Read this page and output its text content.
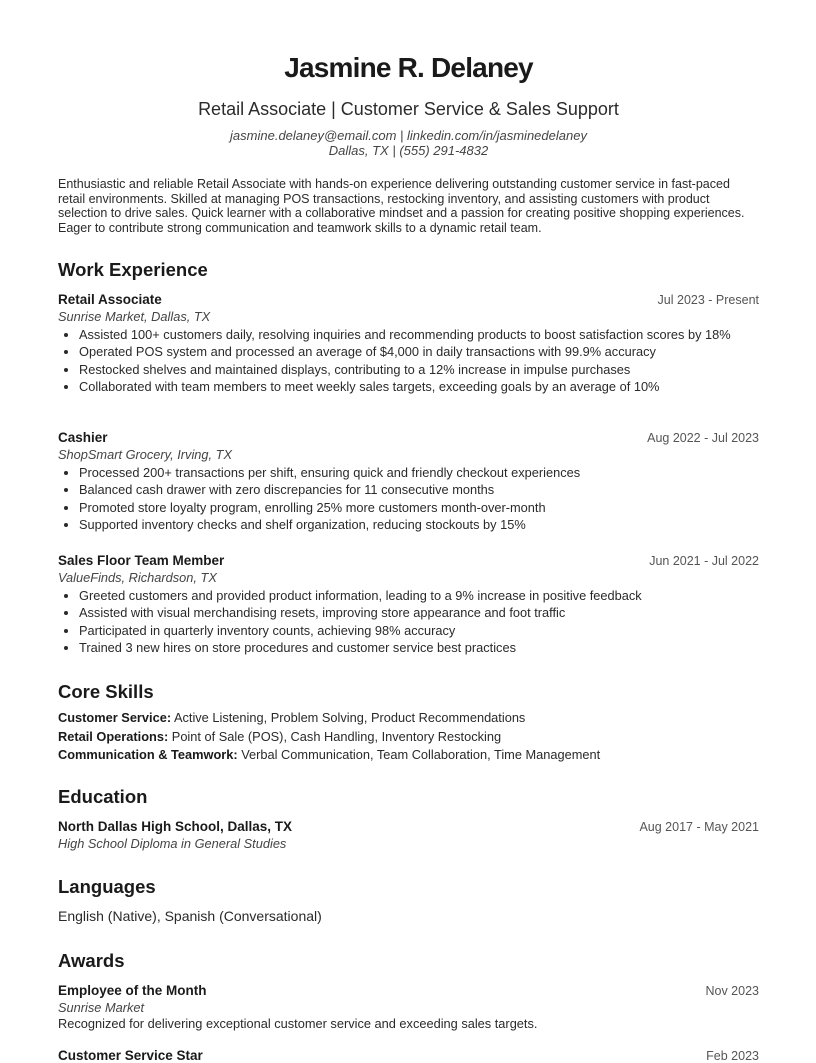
Jasmine R. Delaney
Retail Associate | Customer Service & Sales Support
jasmine.delaney@email.com | linkedin.com/in/jasminedelaney
Dallas, TX | (555) 291-4832

Enthusiastic and reliable Retail Associate with hands-on experience delivering outstanding customer service in fast-paced retail environments. Skilled at managing POS transactions, restocking inventory, and assisting customers with product selection to drive sales. Quick learner with a collaborative mindset and a passion for creating positive shopping experiences. Eager to contribute strong communication and teamwork skills to a dynamic retail team.

Work Experience
Retail Associate	Jul 2023 - Present
Sunrise Market, Dallas, TX
• Assisted 100+ customers daily, resolving inquiries and recommending products to boost satisfaction scores by 18%
• Operated POS system and processed an average of $4,000 in daily transactions with 99.9% accuracy
• Restocked shelves and maintained displays, contributing to a 12% increase in impulse purchases
• Collaborated with team members to meet weekly sales targets, exceeding goals by an average of 10%
Cashier	Aug 2022 - Jul 2023
ShopSmart Grocery, Irving, TX
• Processed 200+ transactions per shift, ensuring quick and friendly checkout experiences
• Balanced cash drawer with zero discrepancies for 11 consecutive months
• Promoted store loyalty program, enrolling 25% more customers month-over-month
• Supported inventory checks and shelf organization, reducing stockouts by 15%
Sales Floor Team Member	Jun 2021 - Jul 2022
ValueFinds, Richardson, TX
• Greeted customers and provided product information, leading to a 9% increase in positive feedback
• Assisted with visual merchandising resets, improving store appearance and foot traffic
• Participated in quarterly inventory counts, achieving 98% accuracy
• Trained 3 new hires on store procedures and customer service best practices
Core Skills
Customer Service: Active Listening, Problem Solving, Product Recommendations
Retail Operations: Point of Sale (POS), Cash Handling, Inventory Restocking
Communication & Teamwork: Verbal Communication, Team Collaboration, Time Management
Education
North Dallas High School, Dallas, TX	Aug 2017 - May 2021
High School Diploma in General Studies
Languages
English (Native), Spanish (Conversational)
Awards
Employee of the Month	Nov 2023
Sunrise Market
Recognized for delivering exceptional customer service and exceeding sales targets.
Customer Service Star	Feb 2023
